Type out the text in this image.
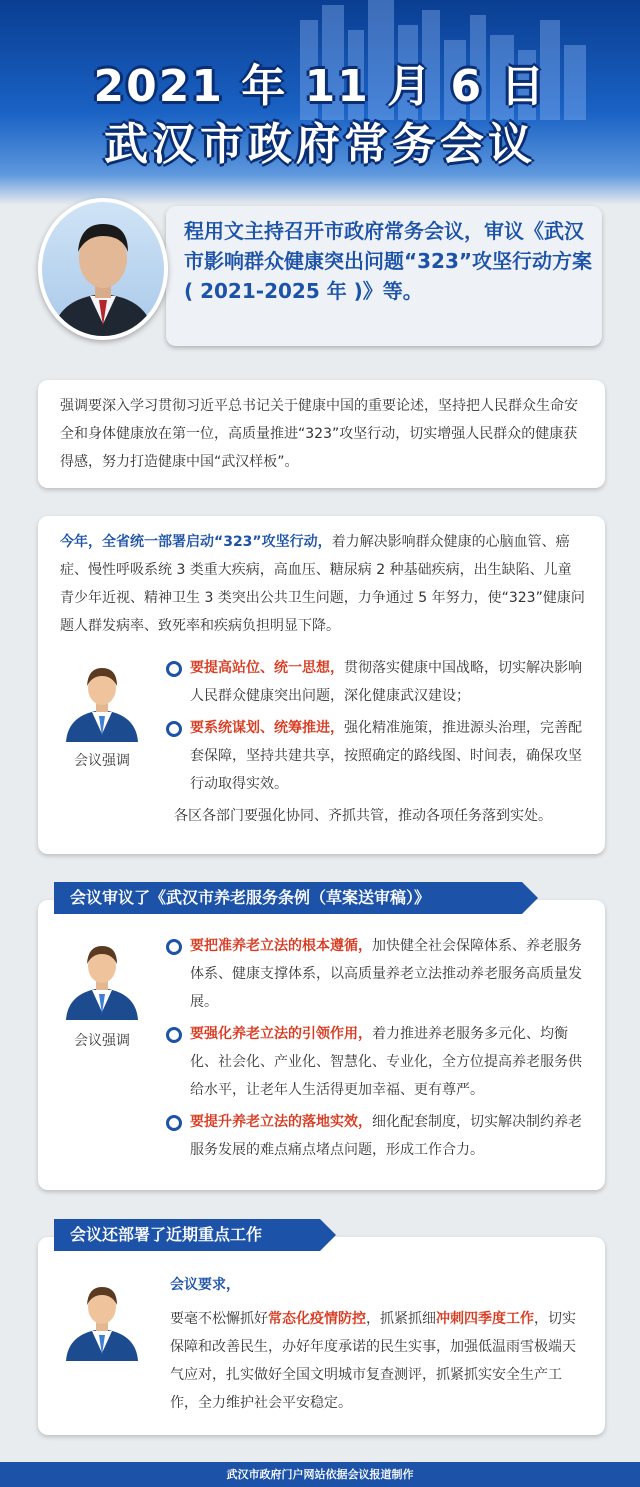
2021 年 11 月 6 日
武汉市政府常务会议
程用文主持召开市政府常务会议，审议《武汉市影响群众健康突出问题“323”攻坚行动方案( 2021-2025 年 )》等。

强调要深入学习贯彻习近平总书记关于健康中国的重要论述，坚持把人民群众生命安全和身体健康放在第一位，高质量推进“323”攻坚行动，切实增强人民群众的健康获得感，努力打造健康中国“武汉样板”。

今年，全省统一部署启动“323”攻坚行动，着力解决影响群众健康的心脑血管、癌症、慢性呼吸系统 3 类重大疾病，高血压、糖尿病 2 种基础疾病，出生缺陷、儿童青少年近视、精神卫生 3 类突出公共卫生问题，力争通过 5 年努力，使“323”健康问题人群发病率、致死率和疾病负担明显下降。

会议强调
要提高站位、统一思想，贯彻落实健康中国战略，切实解决影响人民群众健康突出问题，深化健康武汉建设；
要系统谋划、统筹推进，强化精准施策，推进源头治理，完善配套保障，坚持共建共享，按照确定的路线图、时间表，确保攻坚行动取得实效。

各区各部门要强化协同、齐抓共管，推动各项任务落到实处。

会议强调
要把准养老立法的根本遵循，加快健全社会保障体系、养老服务体系、健康支撑体系，以高质量养老立法推动养老服务高质量发展。
要强化养老立法的引领作用，着力推进养老服务多元化、均衡化、社会化、产业化、智慧化、专业化，全方位提高养老服务供给水平，让老年人生活得更加幸福、更有尊严。
要提升养老立法的落地实效，细化配套制度，切实解决制约养老服务发展的难点痛点堵点问题，形成工作合力。
会议审议了《武汉市养老服务条例（草案送审稿）》

会议要求，

要毫不松懈抓好常态化疫情防控，抓紧抓细冲刺四季度工作，切实保障和改善民生，办好年度承诺的民生实事，加强低温雨雪极端天气应对，扎实做好全国文明城市复查测评，抓紧抓实安全生产工作，全力维护社会平安稳定。

会议还部署了近期重点工作
武汉市政府门户网站依据会议报道制作
